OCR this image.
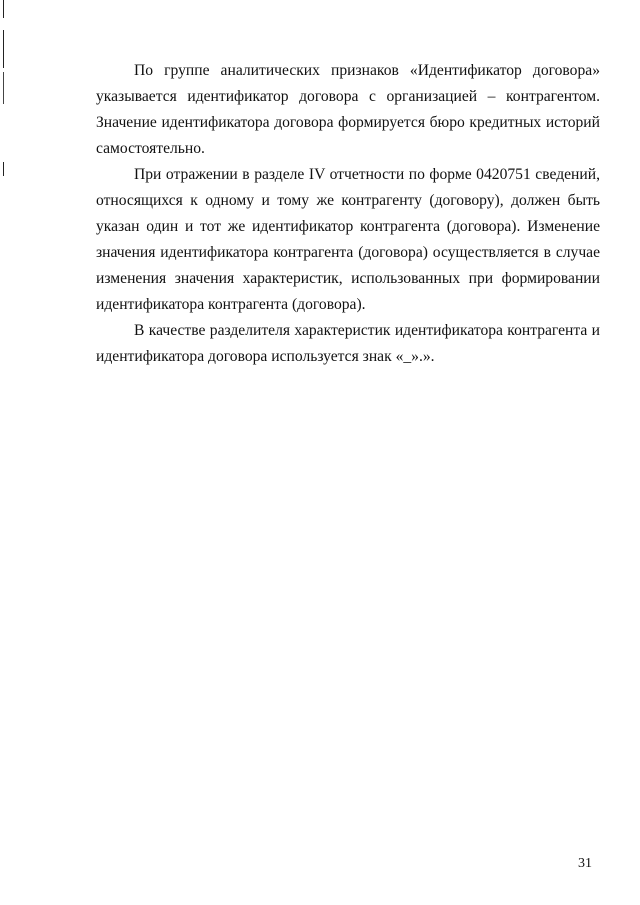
По группе аналитических признаков «Идентификатор договора» указывается идентификатор договора с организацией – контрагентом. Значение идентификатора договора формируется бюро кредитных историй самостоятельно.

При отражении в разделе IV отчетности по форме 0420751 сведений, относящихся к одному и тому же контрагенту (договору), должен быть указан один и тот же идентификатор контрагента (договора). Изменение значения идентификатора контрагента (договора) осуществляется в случае изменения значения характеристик, использованных при формировании идентификатора контрагента (договора).

В качестве разделителя характеристик идентификатора контрагента и идентификатора договора используется знак «_».».

31
